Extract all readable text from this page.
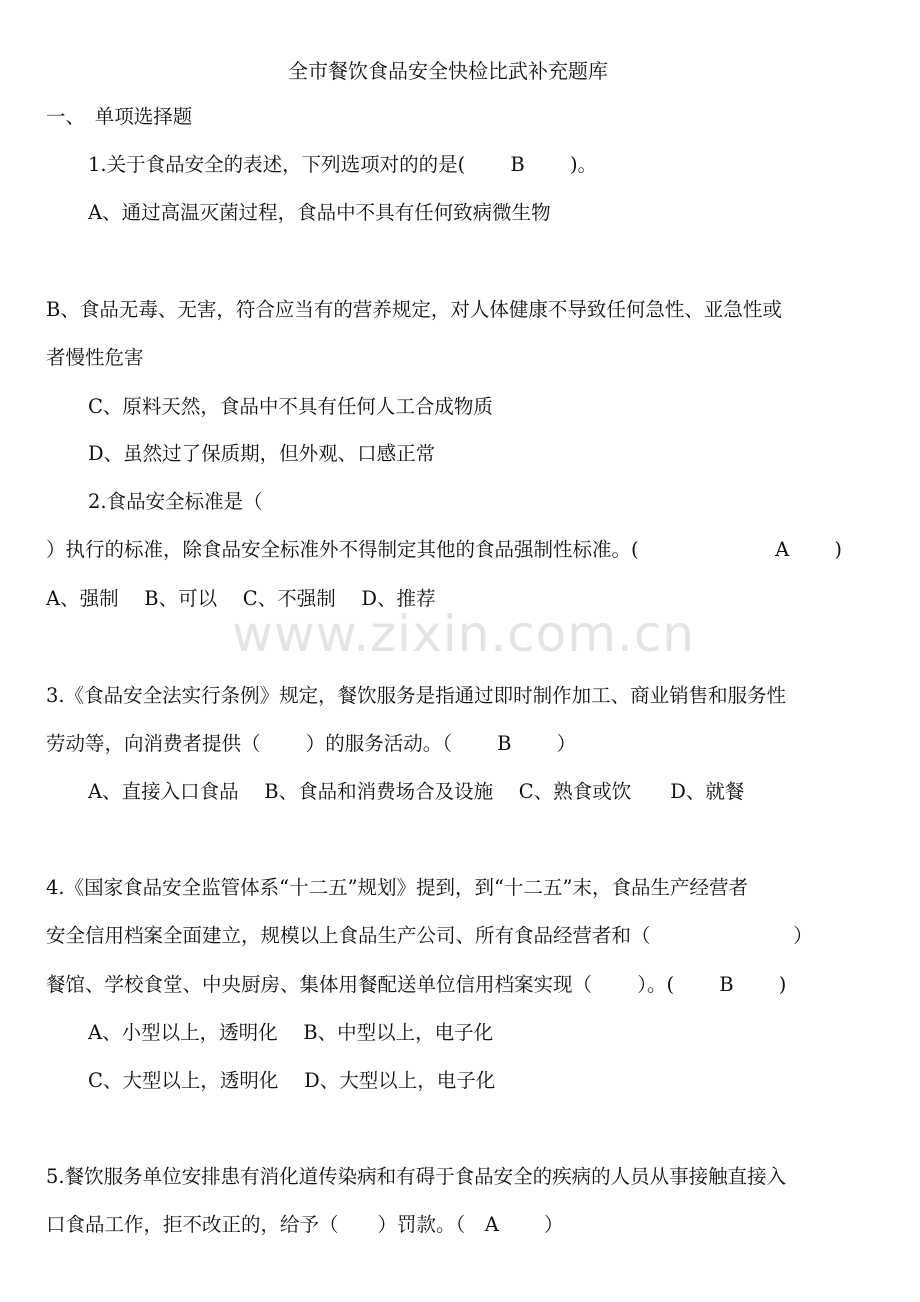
www.zixin.com.cn
全市餐饮食品安全快检比武补充题库
一、　单项选择题
1.关于食品安全的表述，下列选项对的的是(　　 B 　　)。
A、通过高温灭菌过程，食品中不具有任何致病微生物
B、食品无毒、无害，符合应当有的营养规定，对人体健康不导致任何急性、亚急性或
者慢性危害
C、原料天然，食品中不具有任何人工合成物质
D、虽然过了保质期，但外观、口感正常
2.食品安全标准是（
）执行的标准，除食品安全标准外不得制定其他的食品强制性标准。(　　　　　　　A　　 )
A、强制　 B、可以　 C、不强制　 D、推荐
3.《食品安全法实行条例》规定，餐饮服务是指通过即时制作加工、商业销售和服务性
劳动等，向消费者提供（　　 ）的服务活动。（　　 B　　 ）
A、直接入口食品　 B、食品和消费场合及设施　 C、熟食或饮　　D、就餐
4.《国家食品安全监管体系“十二五”规划》提到，到“十二五”末，食品生产经营者
安全信用档案全面建立，规模以上食品生产公司、所有食品经营者和（　　　　　　　 ）
餐馆、学校食堂、中央厨房、集体用餐配送单位信用档案实现（　　 ）。(　　 B　　 )
A、小型以上，透明化　 B、中型以上，电子化
C、大型以上，透明化　 D、大型以上，电子化
5.餐饮服务单位安排患有消化道传染病和有碍于食品安全的疾病的人员从事接触直接入
口食品工作，拒不改正的，给予（　　）罚款。（　A　　 ）
